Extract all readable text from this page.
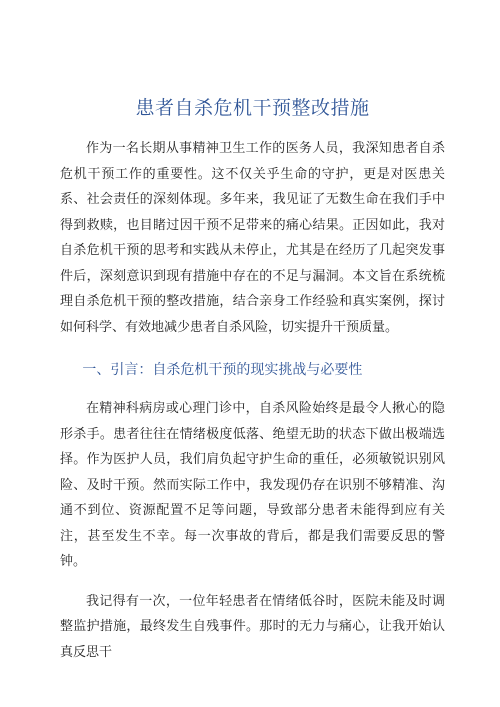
患者自杀危机干预整改措施

作为一名长期从事精神卫生工作的医务人员，我深知患者自杀危机干预工作的重要性。这不仅关乎生命的守护，更是对医患关系、社会责任的深刻体现。多年来，我见证了无数生命在我们手中得到救赎，也目睹过因干预不足带来的痛心结果。正因如此，我对自杀危机干预的思考和实践从未停止，尤其是在经历了几起突发事件后，深刻意识到现有措施中存在的不足与漏洞。本文旨在系统梳理自杀危机干预的整改措施，结合亲身工作经验和真实案例，探讨如何科学、有效地减少患者自杀风险，切实提升干预质量。

一、引言：自杀危机干预的现实挑战与必要性

在精神科病房或心理门诊中，自杀风险始终是最令人揪心的隐形杀手。患者往往在情绪极度低落、绝望无助的状态下做出极端选择。作为医护人员，我们肩负起守护生命的重任，必须敏锐识别风险、及时干预。然而实际工作中，我发现仍存在识别不够精准、沟通不到位、资源配置不足等问题，导致部分患者未能得到应有关注，甚至发生不幸。每一次事故的背后，都是我们需要反思的警钟。

我记得有一次，一位年轻患者在情绪低谷时，医院未能及时调整监护措施，最终发生自残事件。那时的无力与痛心，让我开始认真反思干
